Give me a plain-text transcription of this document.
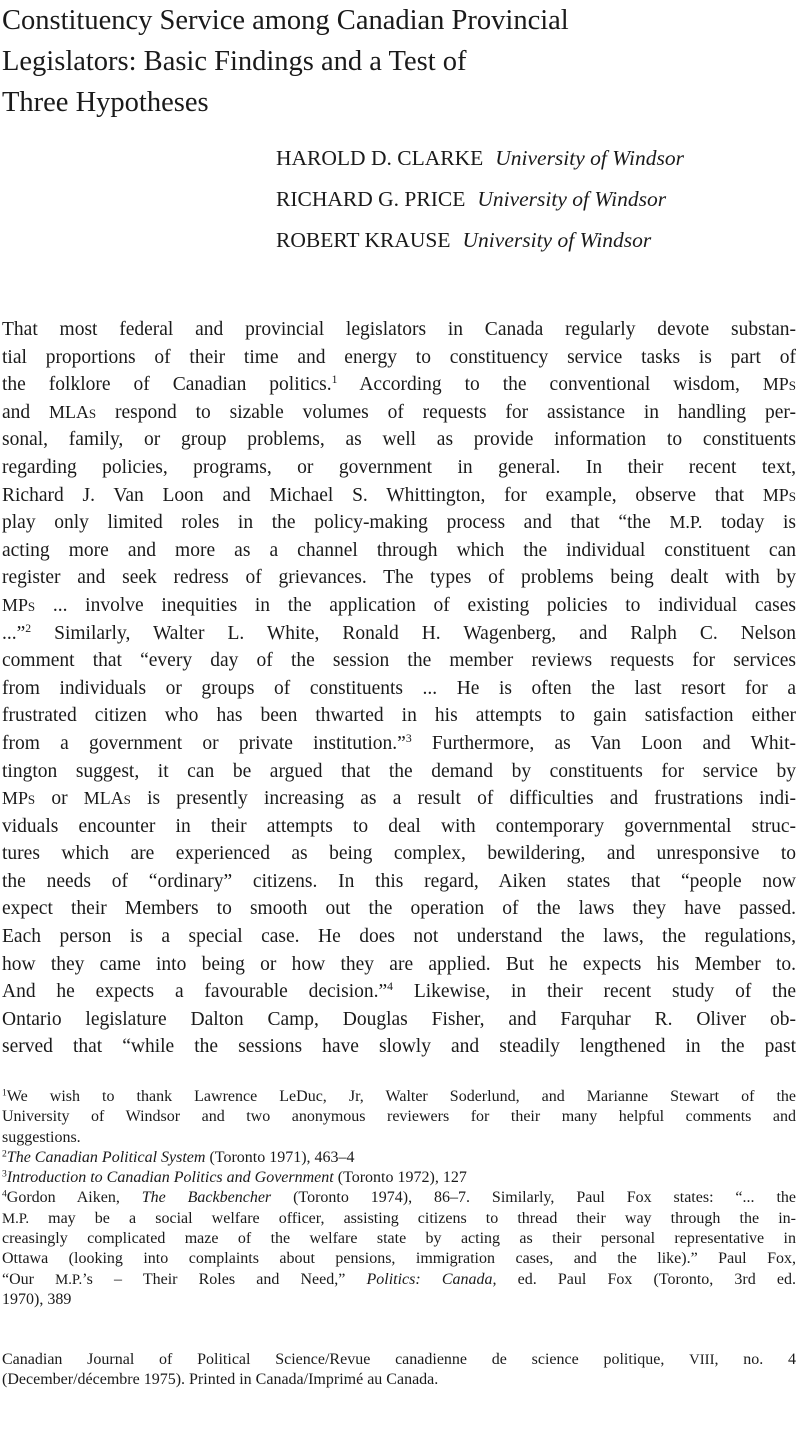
Constituency Service among Canadian Provincial
Legislators: Basic Findings and a Test of
Three Hypotheses
HAROLD D. CLARKE University of Windsor
RICHARD G. PRICE University of Windsor
ROBERT KRAUSE University of Windsor
That most federal and provincial legislators in Canada regularly devote substan-
tial proportions of their time and energy to constituency service tasks is part of
the folklore of Canadian politics.$^1$ According to the conventional wisdom, MPs
and MLAs respond to sizable volumes of requests for assistance in handling per-
sonal, family, or group problems, as well as provide information to constituents
regarding policies, programs, or government in general. In their recent text,
Richard J. Van Loon and Michael S. Whittington, for example, observe that MPs
play only limited roles in the policy-making process and that “the M.P. today is
acting more and more as a channel through which the individual constituent can
register and seek redress of grievances. The types of problems being dealt with by
MPs ... involve inequities in the application of existing policies to individual cases
...”$^2$ Similarly, Walter L. White, Ronald H. Wagenberg, and Ralph C. Nelson
comment that “every day of the session the member reviews requests for services
from individuals or groups of constituents ... He is often the last resort for a
frustrated citizen who has been thwarted in his attempts to gain satisfaction either
from a government or private institution.”$^3$ Furthermore, as Van Loon and Whit-
tington suggest, it can be argued that the demand by constituents for service by
MPs or MLAs is presently increasing as a result of difficulties and frustrations indi-
viduals encounter in their attempts to deal with contemporary governmental struc-
tures which are experienced as being complex, bewildering, and unresponsive to
the needs of “ordinary” citizens. In this regard, Aiken states that “people now
expect their Members to smooth out the operation of the laws they have passed.
Each person is a special case. He does not understand the laws, the regulations,
how they came into being or how they are applied. But he expects his Member to.
And he expects a favourable decision.”$^4$ Likewise, in their recent study of the
Ontario legislature Dalton Camp, Douglas Fisher, and Farquhar R. Oliver ob-
served that “while the sessions have slowly and steadily lengthened in the past
$^1$We wish to thank Lawrence LeDuc, Jr, Walter Soderlund, and Marianne Stewart of the
University of Windsor and two anonymous reviewers for their many helpful comments and
suggestions.
$^2$The Canadian Political System (Toronto 1971), 463–4
$^3$Introduction to Canadian Politics and Government (Toronto 1972), 127
$^4$Gordon Aiken, The Backbencher (Toronto 1974), 86–7. Similarly, Paul Fox states: “... the
M.P. may be a social welfare officer, assisting citizens to thread their way through the in-
creasingly complicated maze of the welfare state by acting as their personal representative in
Ottawa (looking into complaints about pensions, immigration cases, and the like).” Paul Fox,
“Our M.P.’s – Their Roles and Need,” Politics: Canada, ed. Paul Fox (Toronto, 3rd ed.
1970), 389
Canadian Journal of Political Science/Revue canadienne de science politique, VIII, no. 4
(December/décembre 1975). Printed in Canada/Imprimé au Canada.
